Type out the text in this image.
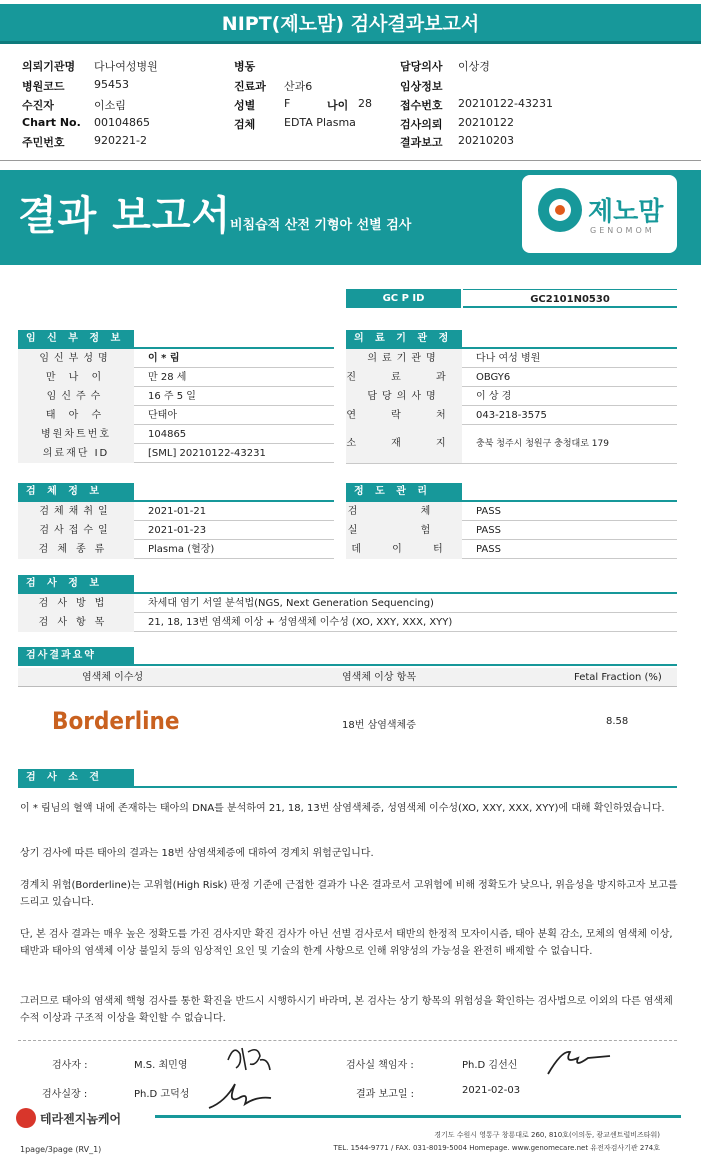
NIPT(제노맘) 검사결과보고서
의뢰기관명 다나여성병원
병원코드	95453
수진자	이소림
Chart No. 00104865
주민번호	920221-2
병동
진료과 산과6
성별	F	나이 28
검체	EDTA Plasma
담당의사 이상경
임상정보
접수번호 20210122-43231
검사의뢰 20210122
결과보고 20210203
결과 보고서
비침습적 산전 기형아 선별 검사	제노맘
GENOMOM
GC P ID	GC2101N0530
임 신 부 정 보
임신부성명	이 * 림
만 나 이	만 28 세
임신주수	16 주 5 일
태 아 수	단태아
병원차트번호	104865
의료재단 ID	[SML] 20210122-43231
의 료 기 관 정
의료기관명	다나 여성 병원
진 료 과	OBGY6
담당의사명	이 상 경
연 락 처	043-218-3575
소 재 지	충북 청주시 청원구 충청대로 179
검 체 정 보
검체채취일	2021-01-21
검사접수일	2021-01-23
검체종류	Plasma (혈장)
정 도 관 리
검 체	PASS
실 험	PASS
데 이 터	PASS
검 사 정 보
검사방법	차세대 염기 서열 분석법(NGS, Next Generation Sequencing)
검사항목	21, 18, 13번 염색체 이상 + 성염색체 이수성 (XO, XXY, XXX, XYY)
검사결과요약
염색체 이수성	염색체 이상 항목	Fetal Fraction (%)
Borderline	18번 삼염색체증	8.58
검 사 소 견
이 * 림님의 혈액 내에 존재하는 태아의 DNA를 분석하여 21, 18, 13번 삼염색체증, 성염색체 이수성(XO, XXY, XXX, XYY)에 대해 확인하였습니다.
상기 검사에 따른 태아의 결과는 18번 삼염색체증에 대하여 경계치 위험군입니다.
경계치 위험(Borderline)는 고위험(High Risk) 판정 기준에 근접한 결과가 나온 결과로서 고위험에 비해 정확도가 낮으나, 위음성을 방지하고자 보고를 드리고 있습니다.
단, 본 검사 결과는 매우 높은 정확도를 가진 검사지만 확진 검사가 아닌 선별 검사로서 태반의 한정적 모자이시즘, 태아 분획 감소, 모체의 염색체 이상, 태반과 태아의 염색체 이상 불일치 등의 임상적인 요인 및 기술의 한계 사항으로 인해 위양성의 가능성을 완전히 배제할 수 없습니다.
그러므로 태아의 염색체 핵형 검사를 통한 확진을 반드시 시행하시기 바라며, 본 검사는 상기 항목의 위험성을 확인하는 검사법으로 이외의 다른 염색체 수적 이상과 구조적 이상을 확인할 수 없습니다.
검사자 :	M.S. 최민영	검사실 책임자 :	Ph.D 김선신
검사실장 :	Ph.D 고덕성	결과 보고일 :	2021-02-03
테라젠지놈케어
경기도 수원시 영통구 창룡대로 260, 810호(이의동, 광교센트럴비즈타워)
TEL. 1544-9771 / FAX. 031-8019-5004 Homepage. www.genomecare.net 유전자검사기관 274호
1page/3page (RV_1)
